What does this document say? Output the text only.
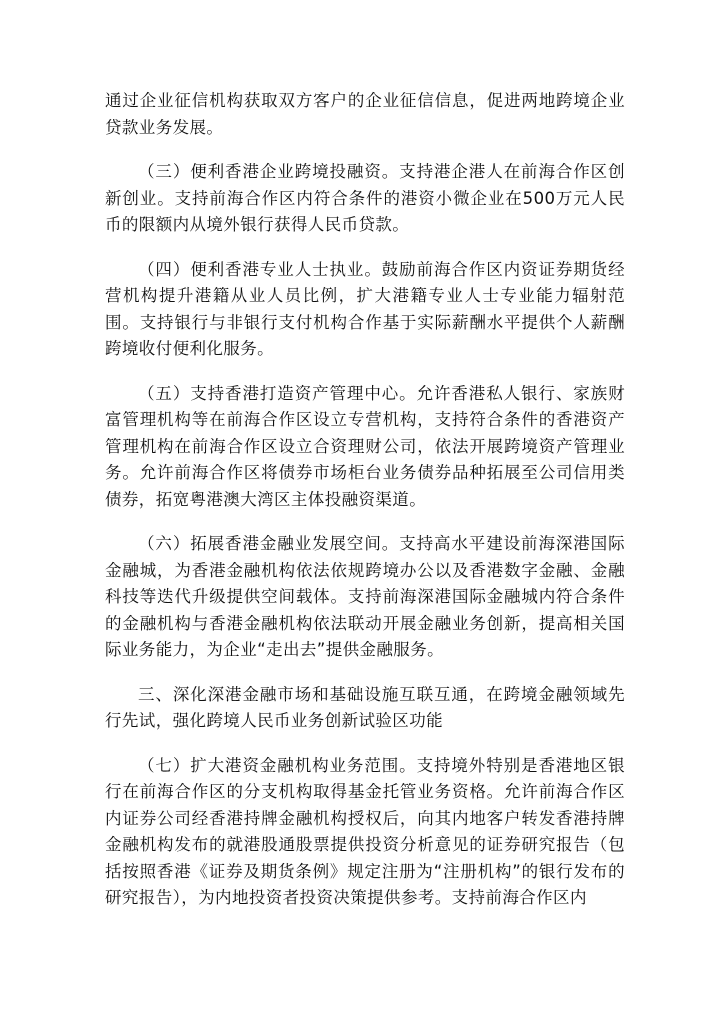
通过企业征信机构获取双方客户的企业征信信息，促进两地跨境企业贷款业务发展。

（三）便利香港企业跨境投融资。支持港企港人在前海合作区创新创业。支持前海合作区内符合条件的港资小微企业在500万元人民币的限额内从境外银行获得人民币贷款。

（四）便利香港专业人士执业。鼓励前海合作区内资证券期货经营机构提升港籍从业人员比例，扩大港籍专业人士专业能力辐射范围。支持银行与非银行支付机构合作基于实际薪酬水平提供个人薪酬跨境收付便利化服务。

（五）支持香港打造资产管理中心。允许香港私人银行、家族财富管理机构等在前海合作区设立专营机构，支持符合条件的香港资产管理机构在前海合作区设立合资理财公司，依法开展跨境资产管理业务。允许前海合作区将债券市场柜台业务债券品种拓展至公司信用类债券，拓宽粤港澳大湾区主体投融资渠道。

（六）拓展香港金融业发展空间。支持高水平建设前海深港国际金融城，为香港金融机构依法依规跨境办公以及香港数字金融、金融科技等迭代升级提供空间载体。支持前海深港国际金融城内符合条件的金融机构与香港金融机构依法联动开展金融业务创新，提高相关国际业务能力，为企业“走出去”提供金融服务。

三、深化深港金融市场和基础设施互联互通，在跨境金融领域先行先试，强化跨境人民币业务创新试验区功能

（七）扩大港资金融机构业务范围。支持境外特别是香港地区银行在前海合作区的分支机构取得基金托管业务资格。允许前海合作区内证券公司经香港持牌金融机构授权后，向其内地客户转发香港持牌金融机构发布的就港股通股票提供投资分析意见的证券研究报告（包括按照香港《证券及期货条例》规定注册为“注册机构”的银行发布的研究报告），为内地投资者投资决策提供参考。支持前海合作区内
